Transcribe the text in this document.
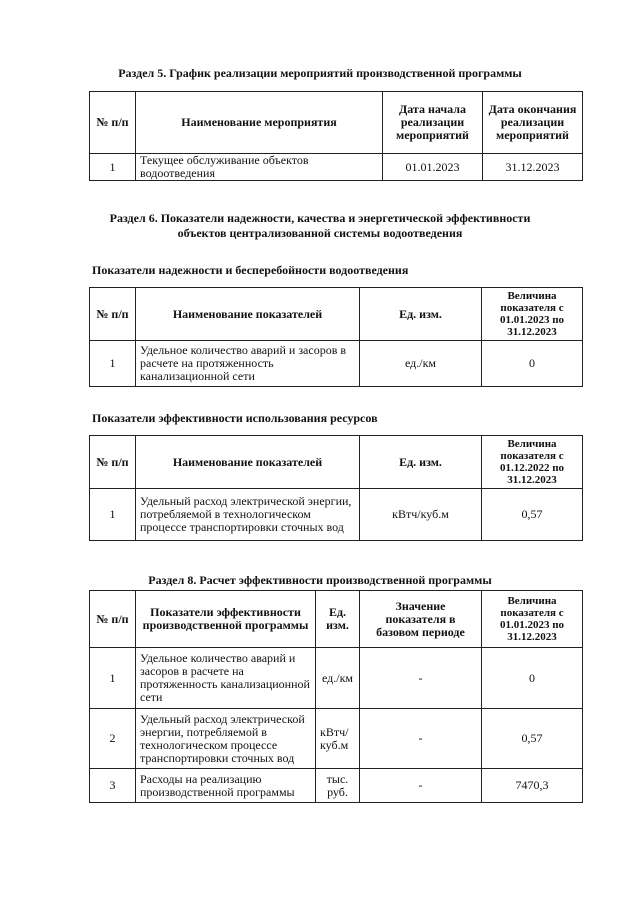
Раздел 5. График реализации мероприятий производственной программы
№ п/п	Наименование мероприятия	Дата начала реализации мероприятий	Дата окончания реализации мероприятий
1	Текущее обслуживание объектов водоотведения	01.01.2023	31.12.2023
Раздел 6. Показатели надежности, качества и энергетической эффективности
объектов централизованной системы водоотведения
Показатели надежности и бесперебойности водоотведения
№ п/п	Наименование показателей	Ед. изм.	Величина показателя с 01.01.2023 по 31.12.2023
1	Удельное количество аварий и засоров в расчете на протяженность канализационной сети	ед./км	0
Показатели эффективности использования ресурсов
№ п/п	Наименование показателей	Ед. изм.	Величина показателя с 01.12.2022 по 31.12.2023
1	Удельный расход электрической энергии, потребляемой в технологическом процессе транспортировки сточных вод	кВтч/куб.м	0,57
Раздел 8. Расчет эффективности производственной программы
№ п/п	Показатели эффективности производственной программы	Ед. изм.	Значение показателя в базовом периоде	Величина показателя с 01.01.2023 по 31.12.2023
1	Удельное количество аварий и засоров в расчете на протяженность канализационной сети	ед./км	-	0
2	Удельный расход электрической энергии, потребляемой в технологическом процессе транспортировки сточных вод	кВтч/ куб.м	-	0,57
3	Расходы на реализацию производственной программы	тыс. руб.	-	7470,3
